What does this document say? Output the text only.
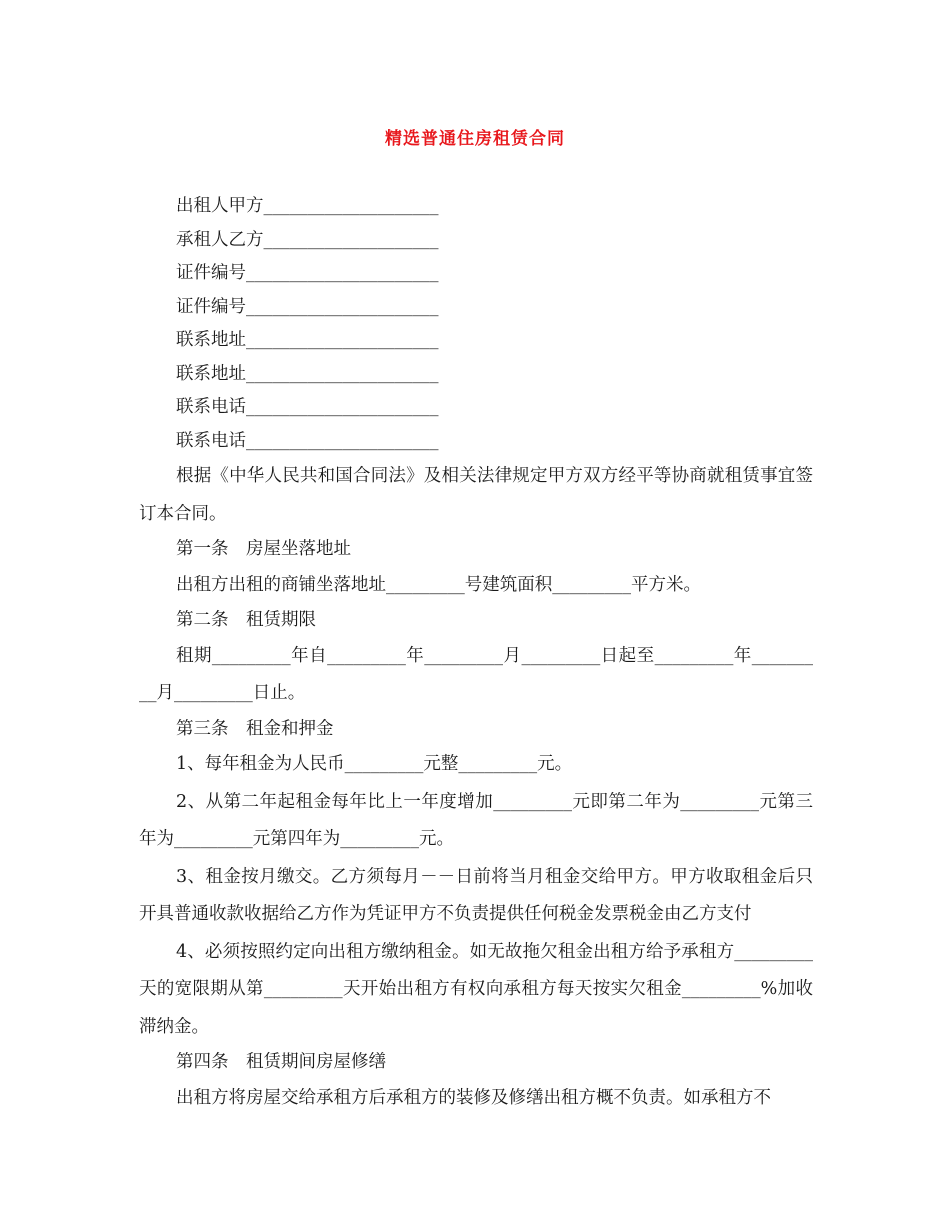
精选普通住房租赁合同
出租人甲方____________________
承租人乙方____________________
证件编号______________________
证件编号______________________
联系地址______________________
联系地址______________________
联系电话______________________
联系电话______________________

根据《中华人民共和国合同法》及相关法律规定甲方双方经平等协商就租赁事宜签订本合同。

第一条　房屋坐落地址

出租方出租的商铺坐落地址_________号建筑面积_________平方米。

第二条　租赁期限

租期_________年自_________年_________月_________日起至_________年_________月_________日止。

第三条　租金和押金

1、每年租金为人民币_________元整_________元。

2、从第二年起租金每年比上一年度增加_________元即第二年为_________元第三年为_________元第四年为_________元。

3、租金按月缴交。乙方须每月－－日前将当月租金交给甲方。甲方收取租金后只开具普通收款收据给乙方作为凭证甲方不负责提供任何税金发票税金由乙方支付

4、必须按照约定向出租方缴纳租金。如无故拖欠租金出租方给予承租方_________天的宽限期从第_________天开始出租方有权向承租方每天按实欠租金_________%加收滞纳金。

第四条　租赁期间房屋修缮

出租方将房屋交给承租方后承租方的装修及修缮出租方概不负责。如承租方不
